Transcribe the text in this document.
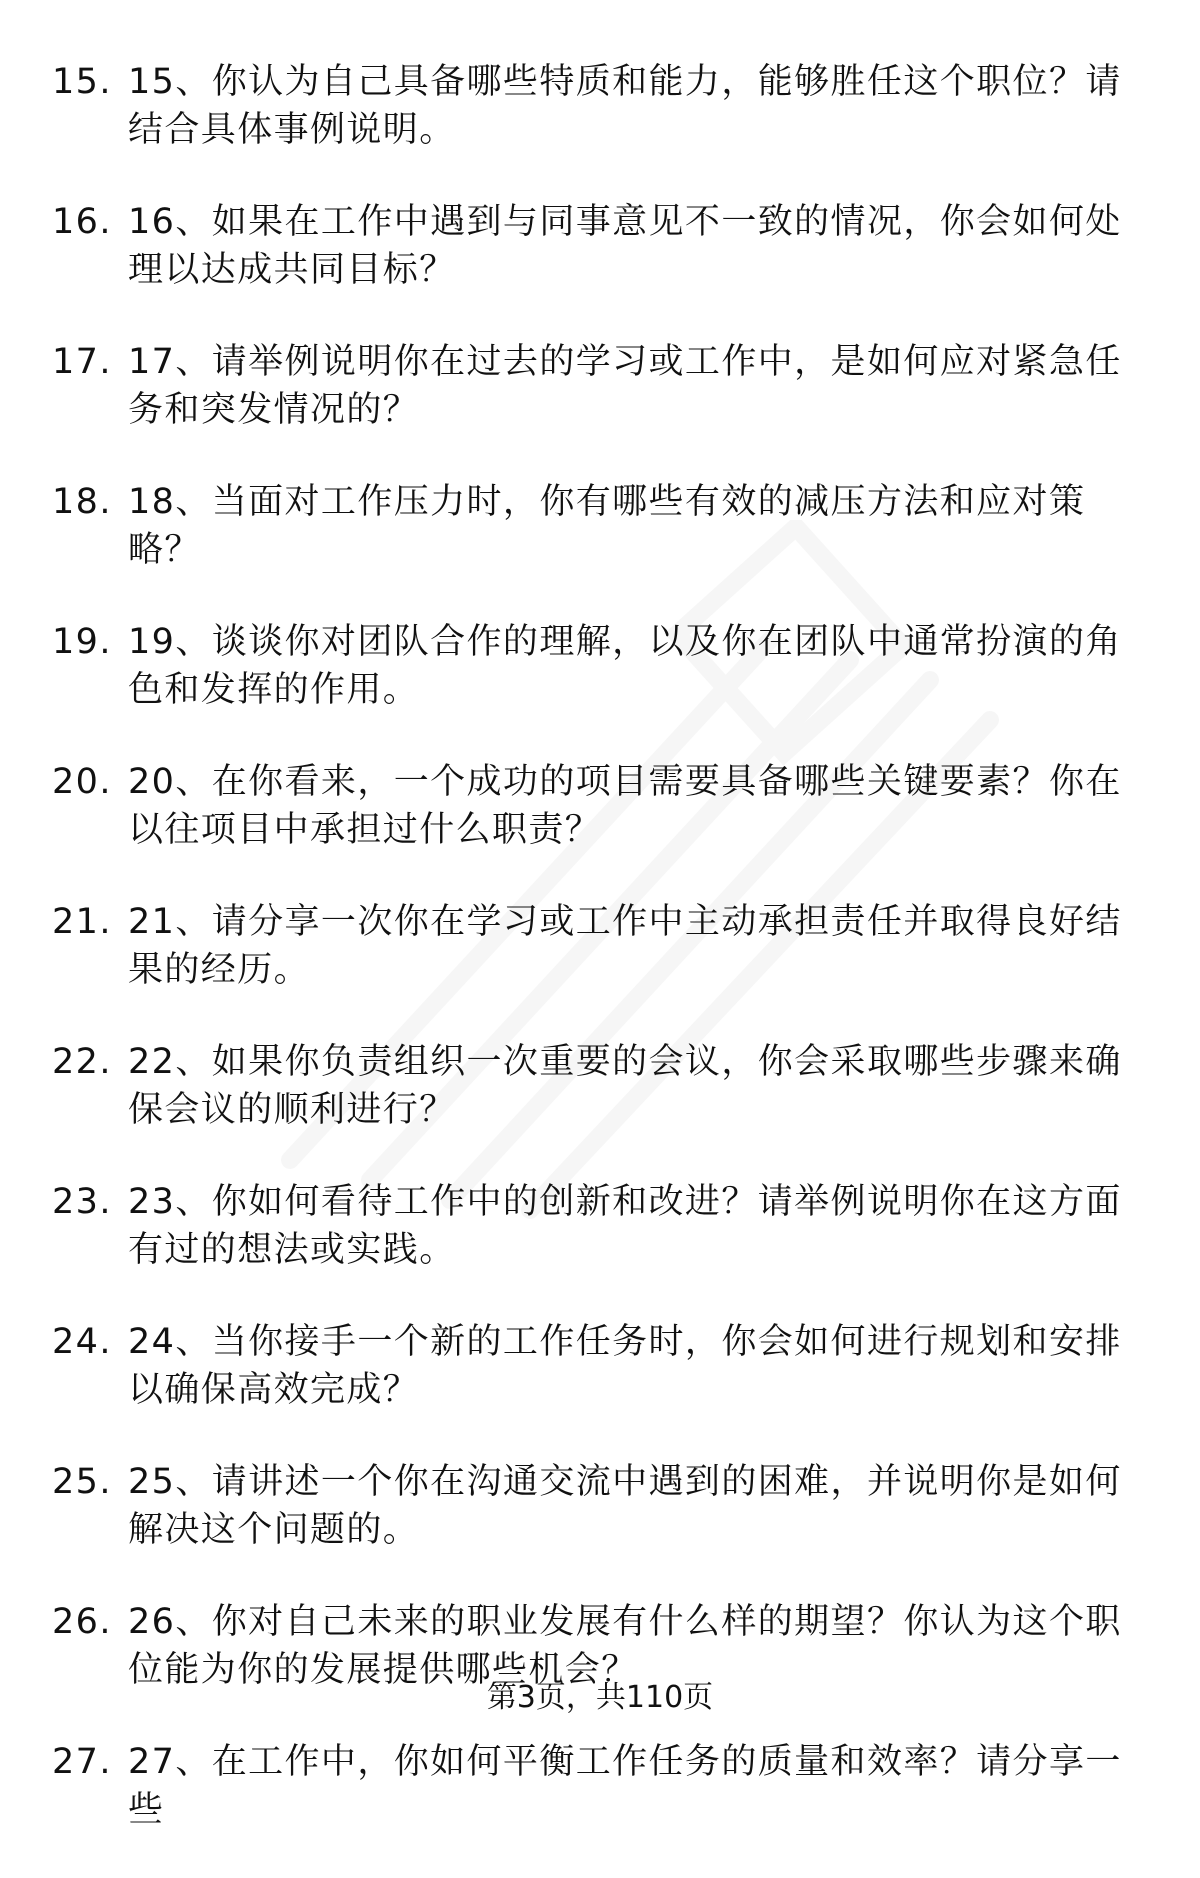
15. 15、你认为自己具备哪些特质和能力，能够胜任这个职位？请结合具体事例说明。
16. 16、如果在工作中遇到与同事意见不一致的情况，你会如何处理以达成共同目标？
17. 17、请举例说明你在过去的学习或工作中，是如何应对紧急任务和突发情况的？
18. 18、当面对工作压力时，你有哪些有效的减压方法和应对策略？
19. 19、谈谈你对团队合作的理解，以及你在团队中通常扮演的角色和发挥的作用。
20. 20、在你看来，一个成功的项目需要具备哪些关键要素？你在以往项目中承担过什么职责？
21. 21、请分享一次你在学习或工作中主动承担责任并取得良好结果的经历。
22. 22、如果你负责组织一次重要的会议，你会采取哪些步骤来确保会议的顺利进行？
23. 23、你如何看待工作中的创新和改进？请举例说明你在这方面有过的想法或实践。
24. 24、当你接手一个新的工作任务时，你会如何进行规划和安排以确保高效完成？
25. 25、请讲述一个你在沟通交流中遇到的困难，并说明你是如何解决这个问题的。
26. 26、你对自己未来的职业发展有什么样的期望？你认为这个职位能为你的发展提供哪些机会？
27. 27、在工作中，你如何平衡工作任务的质量和效率？请分享一些
第3页，共110页
